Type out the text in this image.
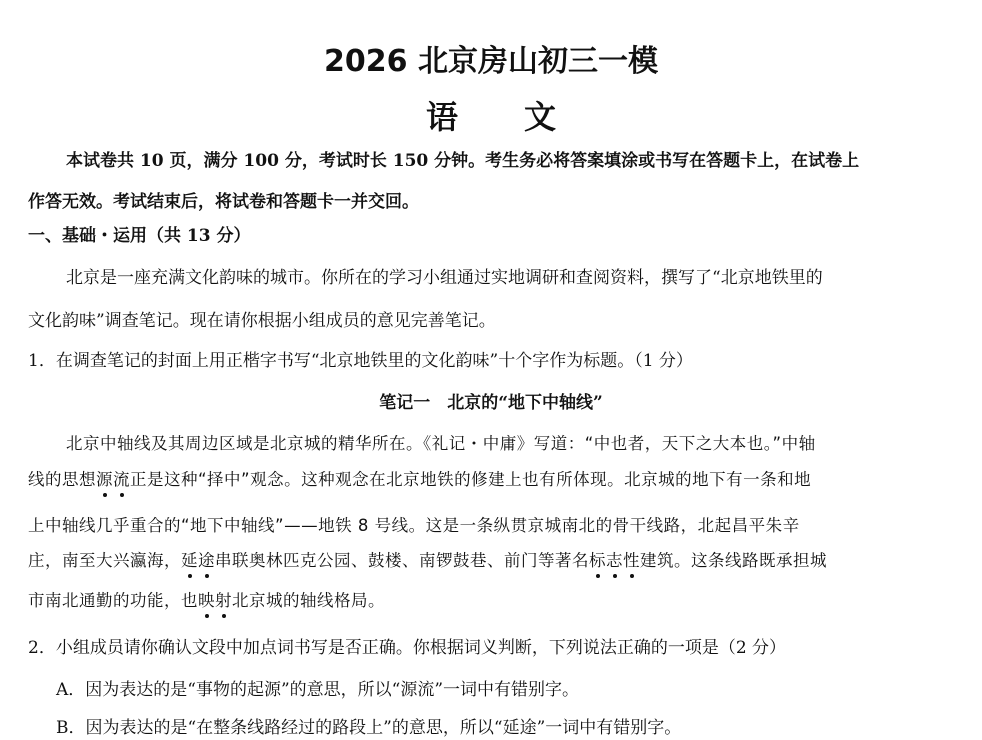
2026 北京房山初三一模
语 文
本试卷共 10 页，满分 100 分，考试时长 150 分钟。考生务必将答案填涂或书写在答题卡上，在试卷上
作答无效。考试结束后，将试卷和答题卡一并交回。
一、基础・运用（共 13 分）
北京是一座充满文化韵味的城市。你所在的学习小组通过实地调研和查阅资料，撰写了“北京地铁里的
文化韵味”调查笔记。现在请你根据小组成员的意见完善笔记。
1．在调查笔记的封面上用正楷字书写“北京地铁里的文化韵味”十个字作为标题。（1 分）
笔记一　北京的“地下中轴线”
北京中轴线及其周边区域是北京城的精华所在。《礼记・中庸》写道：“中也者，天下之大本也。”中轴
线的思想源流正是这种“择中”观念。这种观念在北京地铁的修建上也有所体现。北京城的地下有一条和地
上中轴线几乎重合的“地下中轴线”——地铁 8 号线。这是一条纵贯京城南北的骨干线路，北起昌平朱辛
庄，南至大兴瀛海，延途串联奥林匹克公园、鼓楼、南锣鼓巷、前门等著名标志性建筑。这条线路既承担城
市南北通勤的功能，也映射北京城的轴线格局。
2．小组成员请你确认文段中加点词书写是否正确。你根据词义判断，下列说法正确的一项是（2 分）
A．因为表达的是“事物的起源”的意思，所以“源流”一词中有错别字。
B．因为表达的是“在整条线路经过的路段上”的意思，所以“延途”一词中有错别字。
